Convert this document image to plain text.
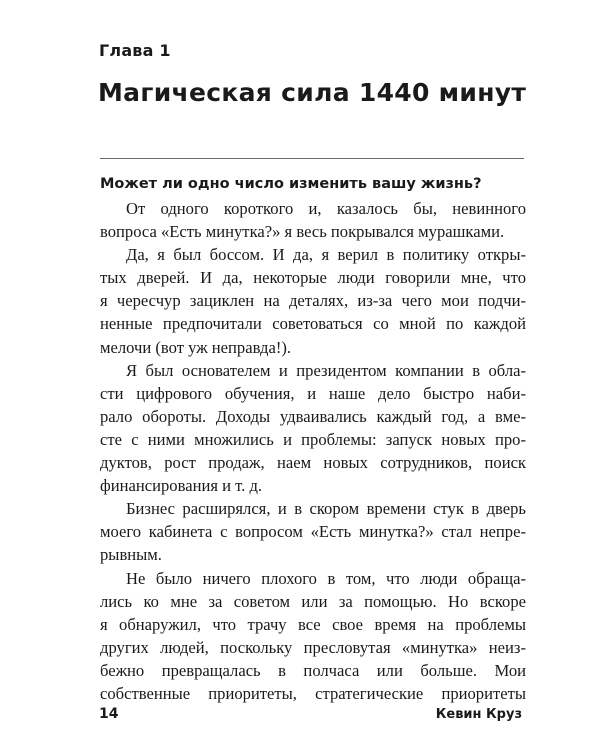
Глава 1
Магическая сила 1440 минут
Может ли одно число изменить вашу жизнь?
От одного короткого и, казалось бы, невинного
вопроса «Есть минутка?» я весь покрывался мурашками.
Да, я был боссом. И да, я верил в политику откры-
тых дверей. И да, некоторые люди говорили мне, что
я чересчур зациклен на деталях, из-за чего мои подчи-
ненные предпочитали советоваться со мной по каждой
мелочи (вот уж неправда!).
Я был основателем и президентом компании в обла-
сти цифрового обучения, и наше дело быстро наби-
рало обороты. Доходы удваивались каждый год, а вме-
сте с ними множились и проблемы: запуск новых про-
дуктов, рост продаж, наем новых сотрудников, поиск
финансирования и т. д.
Бизнес расширялся, и в скором времени стук в дверь
моего кабинета с вопросом «Есть минутка?» стал непре-
рывным.
Не было ничего плохого в том, что люди обраща-
лись ко мне за советом или за помощью. Но вскоре
я обнаружил, что трачу все свое время на проблемы
других людей, поскольку пресловутая «минутка» неиз-
бежно превращалась в полчаса или больше. Мои
собственные приоритеты, стратегические приоритеты
14	Кевин Круз
